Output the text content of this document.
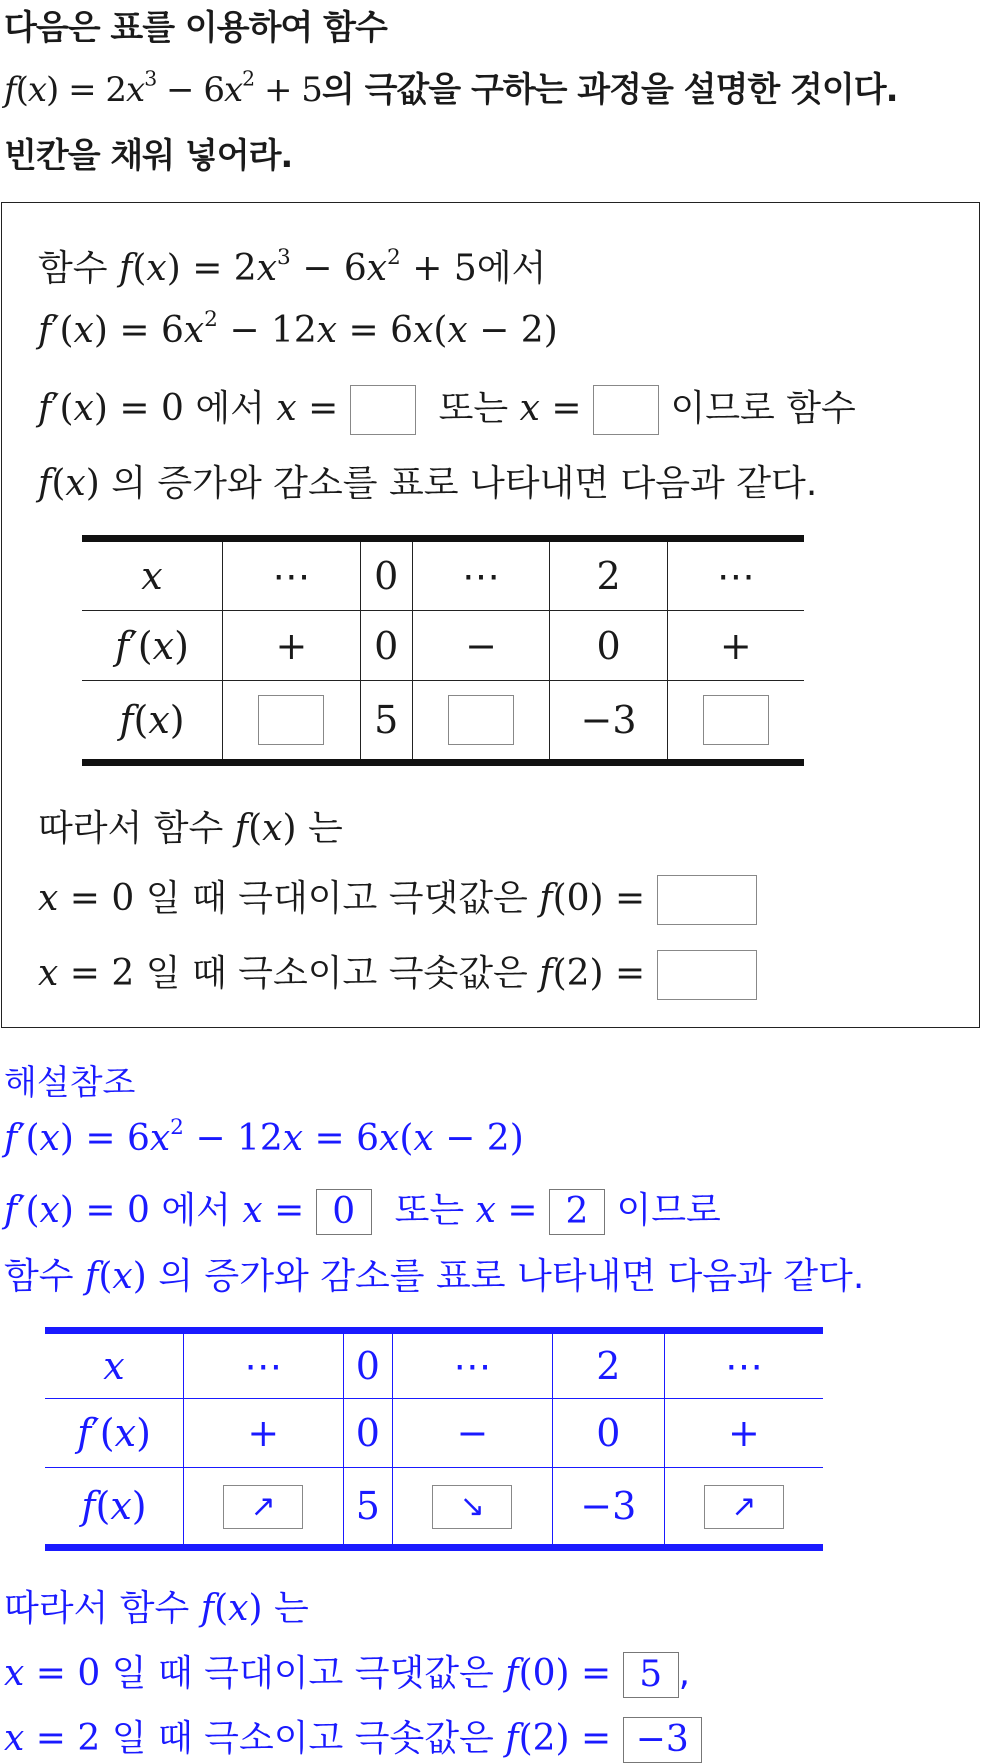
다음은 표를 이용하여 함수
$f(x) = 2x^3 - 6x^2 + 5$의 극값을 구하는 과정을 설명한 것이다.
빈칸을 채워 넣어라.
함수 $f(x) = 2x^3 - 6x^2 + 5$에서
$f'(x) = 6x^2 - 12x = 6x(x - 2)$
f′(x) = 0 에서 x =   또는 x =  이므로 함수
f(x) 의 증가와 감소를 표로 나타내면 다음과 같다.
x	⋯	0	⋯	2	⋯
f′(x)	+	0	−	0	+
f(x)		5		−3	
따라서 함수 f(x) 는
x = 0 일 때 극대이고 극댓값은 f(0) =
x = 2 일 때 극소이고 극솟값은 f(2) =
해설참조
$f'(x) = 6x^2 - 12x = 6x(x - 2)$
f′(x) = 0 에서 x = 0 또는 x = 2 이므로
함수 f(x) 의 증가와 감소를 표로 나타내면 다음과 같다.
x	⋯	0	⋯	2	⋯
f′(x)	+	0	−	0	+
f(x)	↗	5	↘	−3	↗
따라서 함수 f(x) 는
x = 0 일 때 극대이고 극댓값은 f(0) = 5 ,
x = 2 일 때 극소이고 극솟값은 f(2) = −3
